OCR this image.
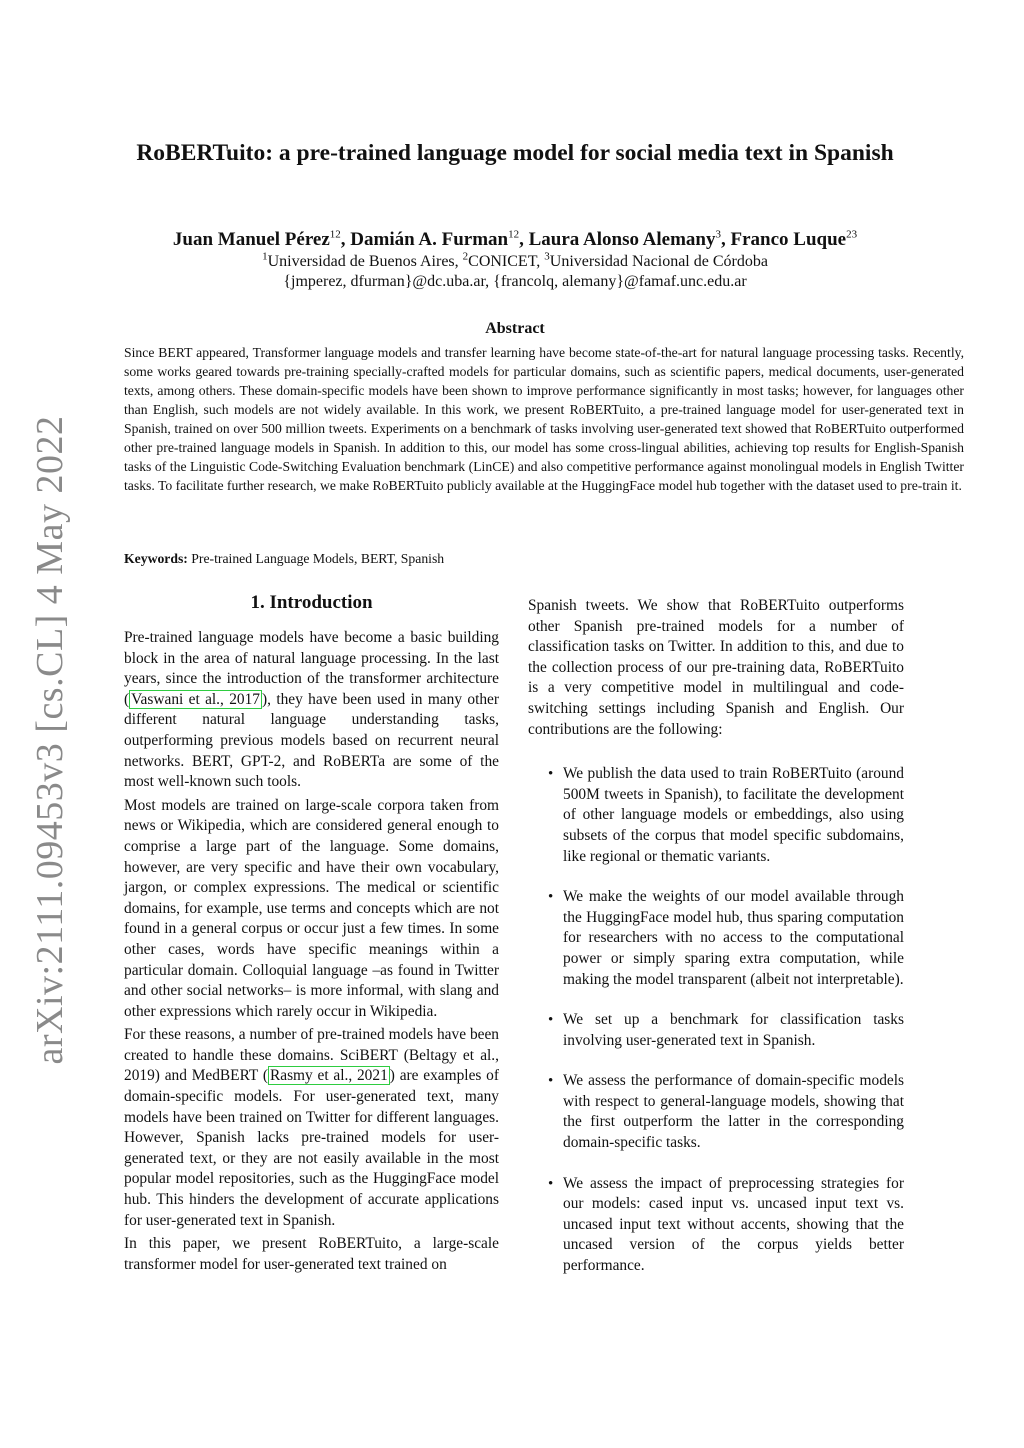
arXiv:2111.09453v3 [cs.CL] 4 May 2022
RoBERTuito: a pre-trained language model for social media text in Spanish
Juan Manuel Pérez$^{12}$, Damián A. Furman$^{12}$, Laura Alonso Alemany$^3$, Franco Luque$^{23}$
$^1$Universidad de Buenos Aires, $^2$CONICET, $^3$Universidad Nacional de Córdoba
{jmperez, dfurman}@dc.uba.ar, {francolq, alemany}@famaf.unc.edu.ar
Abstract
Since BERT appeared, Transformer language models and transfer learning have become state-of-the-art for natural language processing tasks. Recently, some works geared towards pre-training specially-crafted models for particular domains, such as scientific papers, medical documents, user-generated texts, among others. These domain-specific models have been shown to improve performance significantly in most tasks; however, for languages other than English, such models are not widely available. In this work, we present RoBERTuito, a pre-trained language model for user-generated text in Spanish, trained on over 500 million tweets. Experiments on a benchmark of tasks involving user-generated text showed that RoBERTuito outperformed other pre-trained language models in Spanish. In addition to this, our model has some cross-lingual abilities, achieving top results for English-Spanish tasks of the Linguistic Code-Switching Evaluation benchmark (LinCE) and also competitive performance against monolingual models in English Twitter tasks. To facilitate further research, we make RoBERTuito publicly available at the HuggingFace model hub together with the dataset used to pre-train it.
Keywords: Pre-trained Language Models, BERT, Spanish
1. Introduction

Pre-trained language models have become a basic building block in the area of natural language processing. In the last years, since the introduction of the transformer architecture ( Vaswani et al., 2017 ), they have been used in many other different natural language understanding tasks, outperforming previous models based on recurrent neural networks. BERT, GPT-2, and RoBERTa are some of the most well-known such tools.

Most models are trained on large-scale corpora taken from news or Wikipedia, which are considered general enough to comprise a large part of the language. Some domains, however, are very specific and have their own vocabulary, jargon, or complex expressions. The medical or scientific domains, for example, use terms and concepts which are not found in a general corpus or occur just a few times. In some other cases, words have specific meanings within a particular domain. Colloquial language –as found in Twitter and other social networks– is more informal, with slang and other expressions which rarely occur in Wikipedia.

For these reasons, a number of pre-trained models have been created to handle these domains. SciBERT (Beltagy et al., 2019) and MedBERT ( Rasmy et al., 2021 ) are examples of domain-specific models. For user-generated text, many models have been trained on Twitter for different languages. However, Spanish lacks pre-trained models for user-generated text, or they are not easily available in the most popular model repositories, such as the HuggingFace model hub. This hinders the development of accurate applications for user-generated text in Spanish.

In this paper, we present RoBERTuito, a large-scale transformer model for user-generated text trained on

Spanish tweets. We show that RoBERTuito outperforms other Spanish pre-trained models for a number of classification tasks on Twitter. In addition to this, and due to the collection process of our pre-training data, RoBERTuito is a very competitive model in multilingual and code-switching settings including Spanish and English. Our contributions are the following:

• We publish the data used to train RoBERTuito (around 500M tweets in Spanish), to facilitate the development of other language models or embeddings, also using subsets of the corpus that model specific subdomains, like regional or thematic variants.
• We make the weights of our model available through the HuggingFace model hub, thus sparing computation for researchers with no access to the computational power or simply sparing extra computation, while making the model transparent (albeit not interpretable).
• We set up a benchmark for classification tasks involving user-generated text in Spanish.
• We assess the performance of domain-specific models with respect to general-language models, showing that the first outperform the latter in the corresponding domain-specific tasks.
• We assess the impact of preprocessing strategies for our models: cased input vs. uncased input text vs. uncased input text without accents, showing that the uncased version of the corpus yields better performance.
